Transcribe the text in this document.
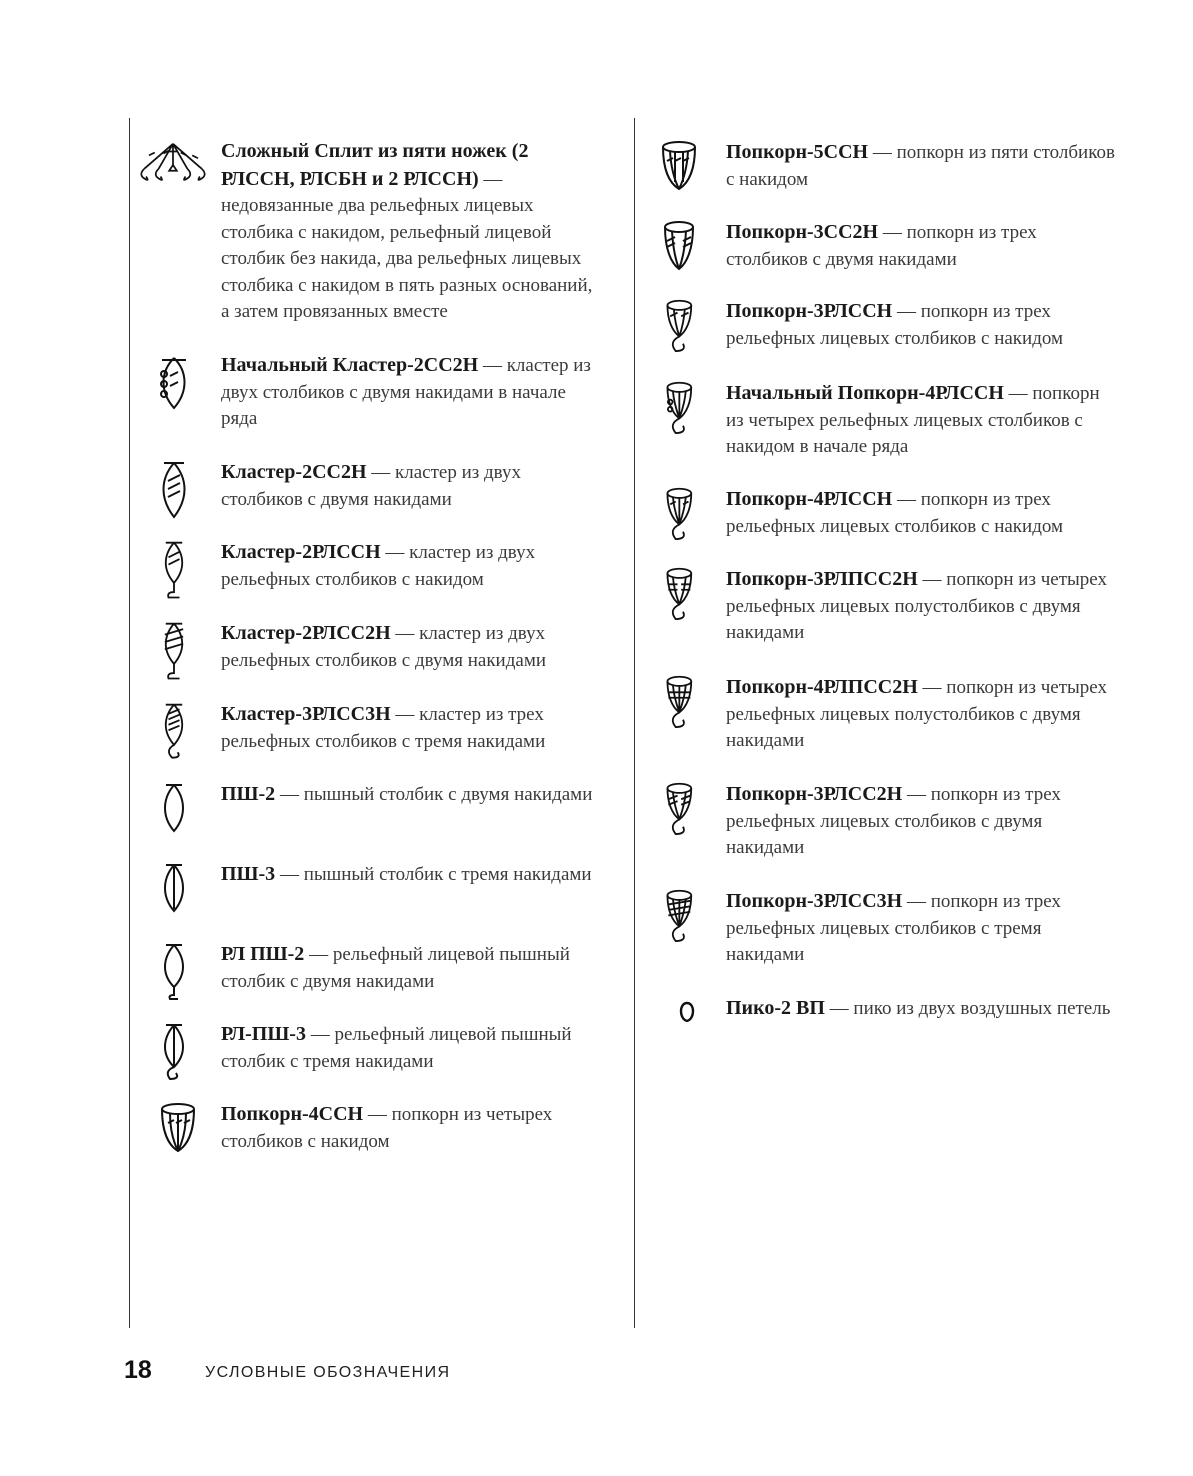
Сложный Сплит из пяти ножек (2 РЛССН, РЛСБН и 2 РЛССН) — недовязанные два рельефных лицевых столбика с накидом, рельефный лицевой столбик без накида, два рельефных лицевых столбика с накидом в пять разных оснований, а затем провязанных вместе
Начальный Кластер-2СС2Н — кластер из двух столбиков с двумя накидами в начале ряда
Кластер-2СС2Н — кластер из двух столбиков с двумя накидами
Кластер-2РЛССН — кластер из двух рельефных столбиков с накидом
Кластер-2РЛСС2Н — кластер из двух рельефных столбиков с двумя накидами
Кластер-3РЛСС3Н — кластер из трех рельефных столбиков с тремя накидами
ПШ-2 — пышный столбик с двумя накидами
ПШ-3 — пышный столбик с тремя накидами
РЛ ПШ-2 — рельефный лицевой пышный столбик с двумя накидами
РЛ-ПШ-3 — рельефный лицевой пышный столбик с тремя накидами
Попкорн-4ССН — попкорн из четырех столбиков с накидом
Попкорн-5ССН — попкорн из пяти столбиков с накидом
Попкорн-3СС2Н — попкорн из трех столбиков с двумя накидами
Попкорн-3РЛССН — попкорн из трех рельефных лицевых столбиков с накидом
Начальный Попкорн-4РЛССН — попкорн из четырех рельефных лицевых столбиков с накидом в начале ряда
Попкорн-4РЛССН — попкорн из трех рельефных лицевых столбиков с накидом
Попкорн-3РЛПСС2Н — попкорн из четырех рельефных лицевых полустолбиков с двумя накидами
Попкорн-4РЛПСС2Н — попкорн из четырех рельефных лицевых полустолбиков с двумя накидами
Попкорн-3РЛСС2Н — попкорн из трех рельефных лицевых столбиков с двумя накидами
Попкорн-3РЛСС3Н — попкорн из трех рельефных лицевых столбиков с тремя накидами
Пико-2 ВП — пико из двух воздушных петель
18	УСЛОВНЫЕ ОБОЗНАЧЕНИЯ
